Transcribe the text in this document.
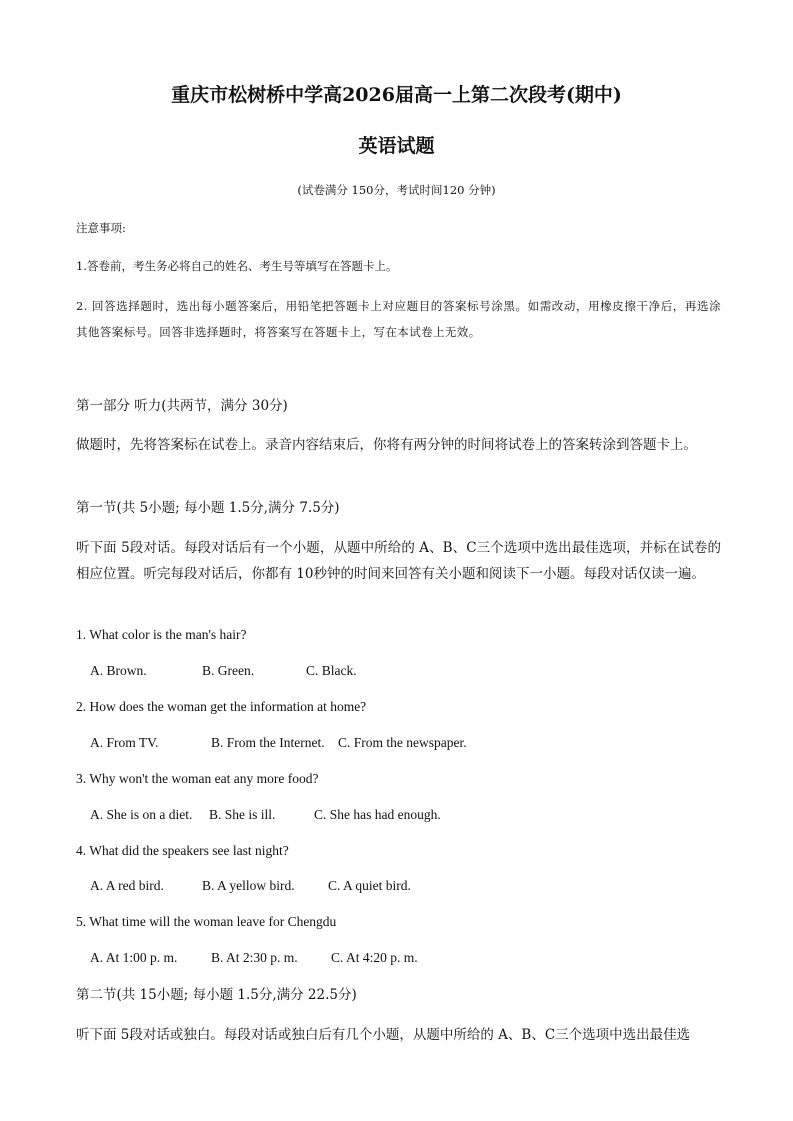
重庆市松树桥中学高2026届高一上第二次段考(期中)
英语试题
(试卷满分 150分，考试时间120 分钟)
注意事项:
1.答卷前，考生务必将自己的姓名、考生号等填写在答题卡上。
2. 回答选择题时，选出每小题答案后，用铅笔把答题卡上对应题目的答案标号涂黑。如需改动，用橡皮擦干净后，再选涂其他答案标号。回答非选择题时，将答案写在答题卡上，写在本试卷上无效。
第一部分 听力(共两节，满分 30分)
做题时，先将答案标在试卷上。录音内容结束后，你将有两分钟的时间将试卷上的答案转涂到答题卡上。
第一节(共 5小题; 每小题 1.5分,满分 7.5分)
听下面 5段对话。每段对话后有一个小题，从题中所给的 A、B、C三个选项中选出最佳选项，并标在试卷的相应位置。听完每段对话后，你都有 10秒钟的时间来回答有关小题和阅读下一小题。每段对话仅读一遍。
1. What color is the man's hair?
A. Brown.	B. Green.	C. Black.
2. How does the woman get the information at home?
A. From TV.	B. From the Internet. C. From the newspaper.
3. Why won't the woman eat any more food?
A. She is on a diet. B. She is ill.	C. She has had enough.
4. What did the speakers see last night?
A. A red bird.	B. A yellow bird. C. A quiet bird.
5. What time will the woman leave for Chengdu
A. At 1:00 p. m. B. At 2:30 p. m. C. At 4:20 p. m.
第二节(共 15小题; 每小题 1.5分,满分 22.5分)
听下面 5段对话或独白。每段对话或独白后有几个小题，从题中所给的 A、B、C三个选项中选出最佳选
